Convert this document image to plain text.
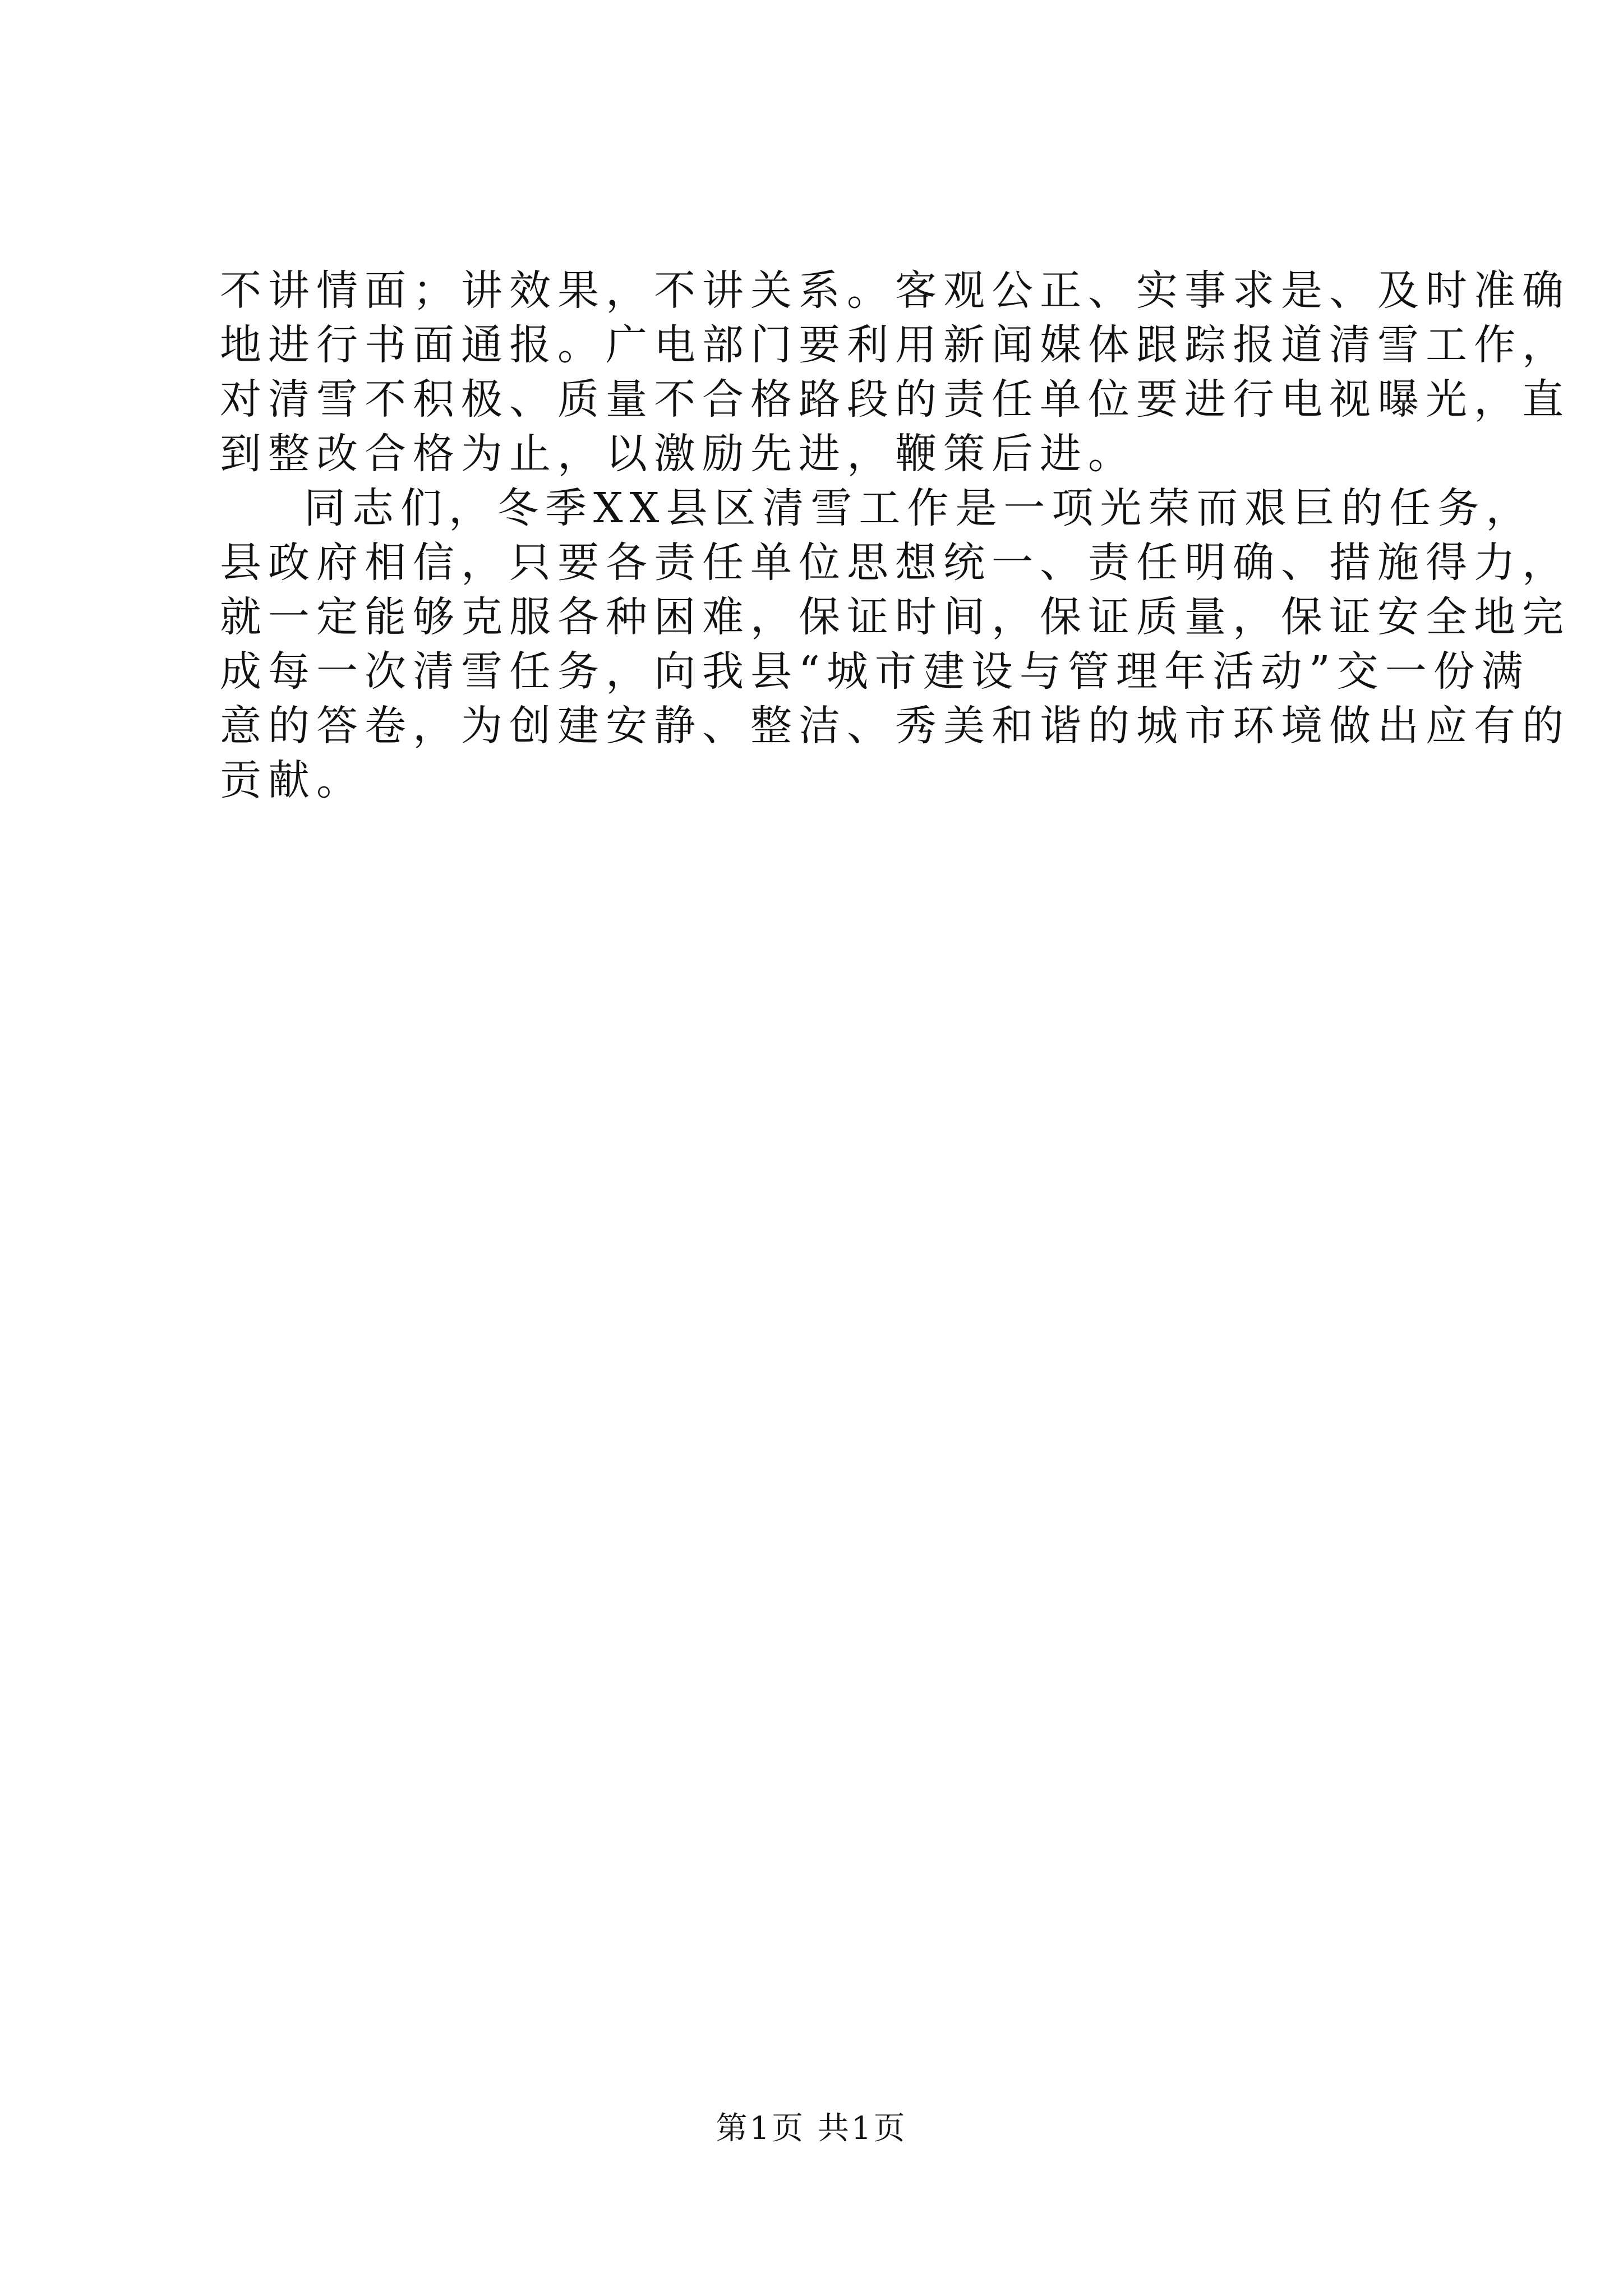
不讲情面；讲效果，不讲关系。客观公正、实事求是、及时准确
地进行书面通报。广电部门要利用新闻媒体跟踪报道清雪工作，
对清雪不积极、质量不合格路段的责任单位要进行电视曝光，直
到整改合格为止，以激励先进，鞭策后进。
同志们，冬季XX县区清雪工作是一项光荣而艰巨的任务，
县政府相信，只要各责任单位思想统一、责任明确、措施得力，
就一定能够克服各种困难，保证时间，保证质量，保证安全地完
成每一次清雪任务，向我县“城市建设与管理年活动”交一份满
意的答卷，为创建安静、整洁、秀美和谐的城市环境做出应有的
贡献。
第1页 共1页
